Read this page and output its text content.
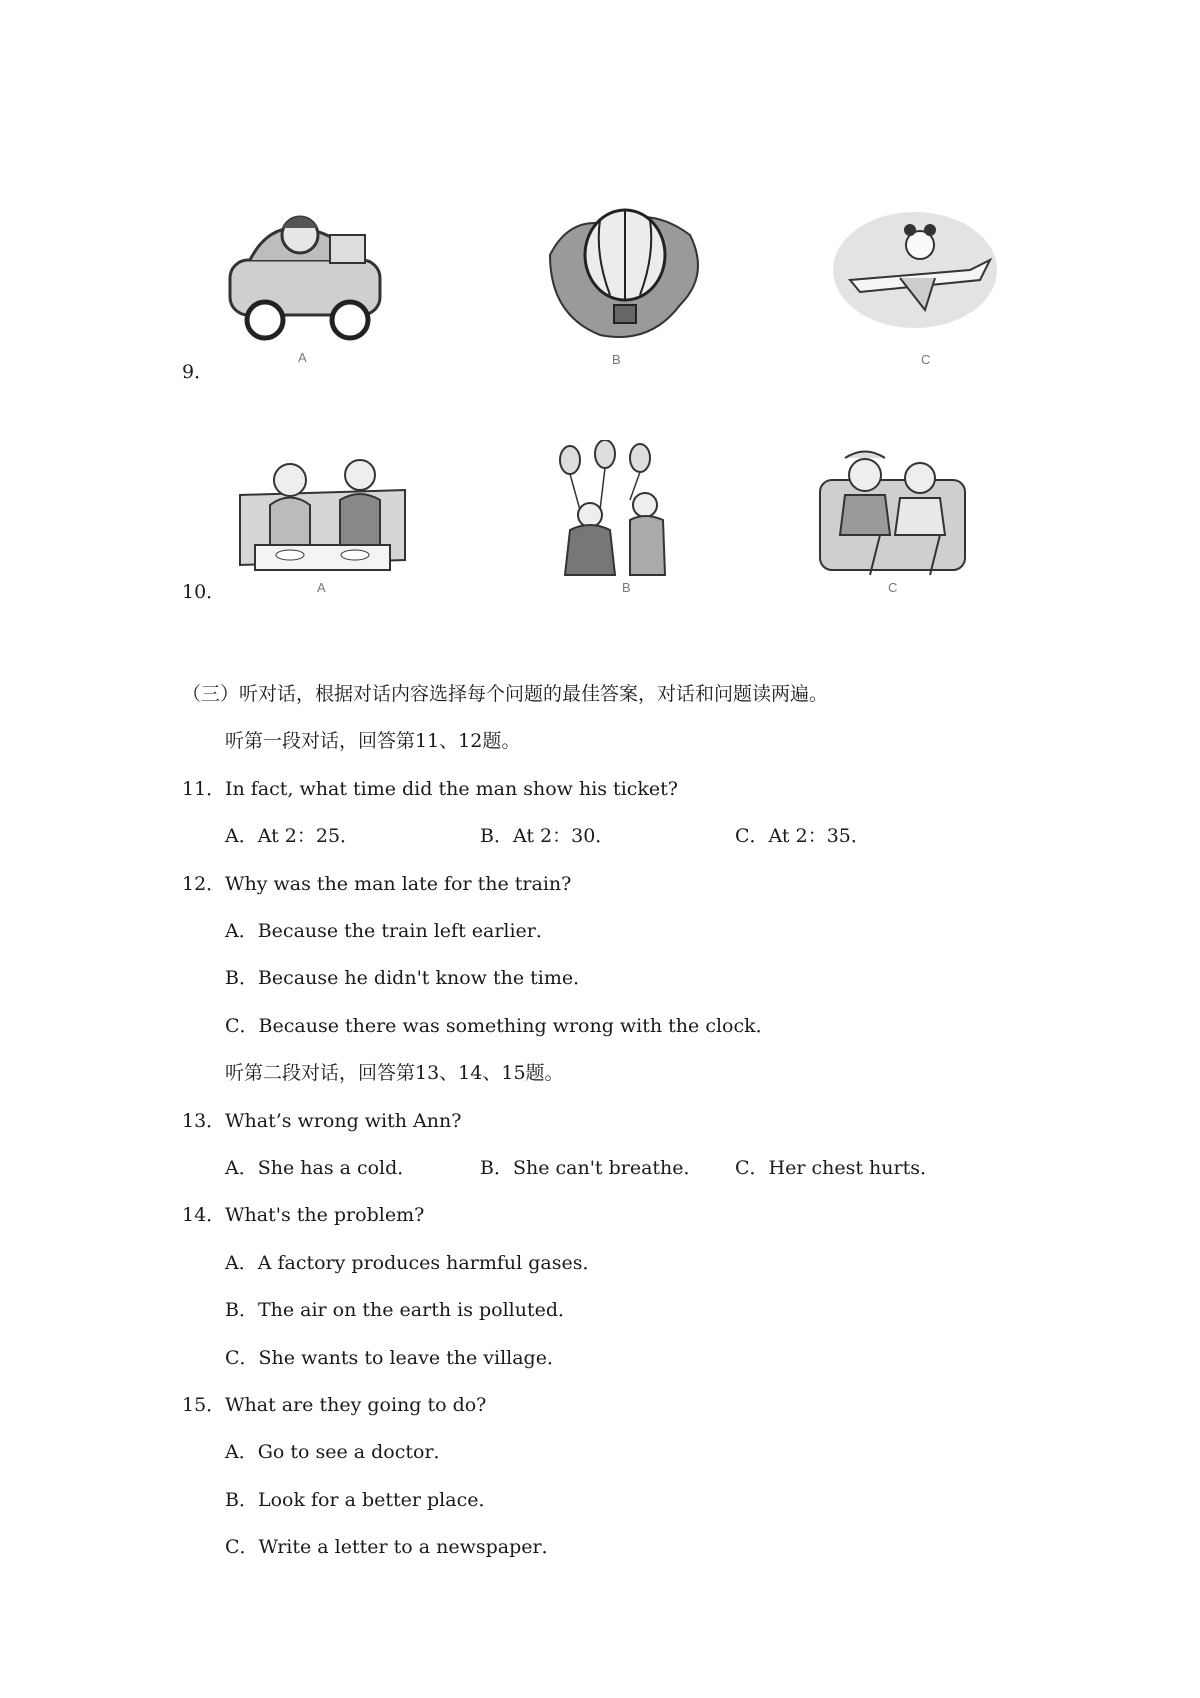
9．
A	B	C
10．	A	B	C
（三）听对话，根据对话内容选择每个问题的最佳答案，对话和问题读两遍。
听第一段对话，回答第11、12题。
11． In fact, what time did the man show his ticket?
A．At 2：25．	B．At 2：30．	C．At 2：35．
12． Why was the man late for the train?
A．Because the train left earlier．
B．Because he didn't know the time．
C．Because there was something wrong with the clock．
听第二段对话，回答第13、14、15题。
13． What’s wrong with Ann?
A．She has a cold．	B．She can't breathe． C．Her chest hurts．
14． What's the problem?
A．A factory produces harmful gases．
B．The air on the earth is polluted．
C．She wants to leave the village．
15． What are they going to do?
A．Go to see a doctor．
B．Look for a better place．
C．Write a letter to a newspaper．
